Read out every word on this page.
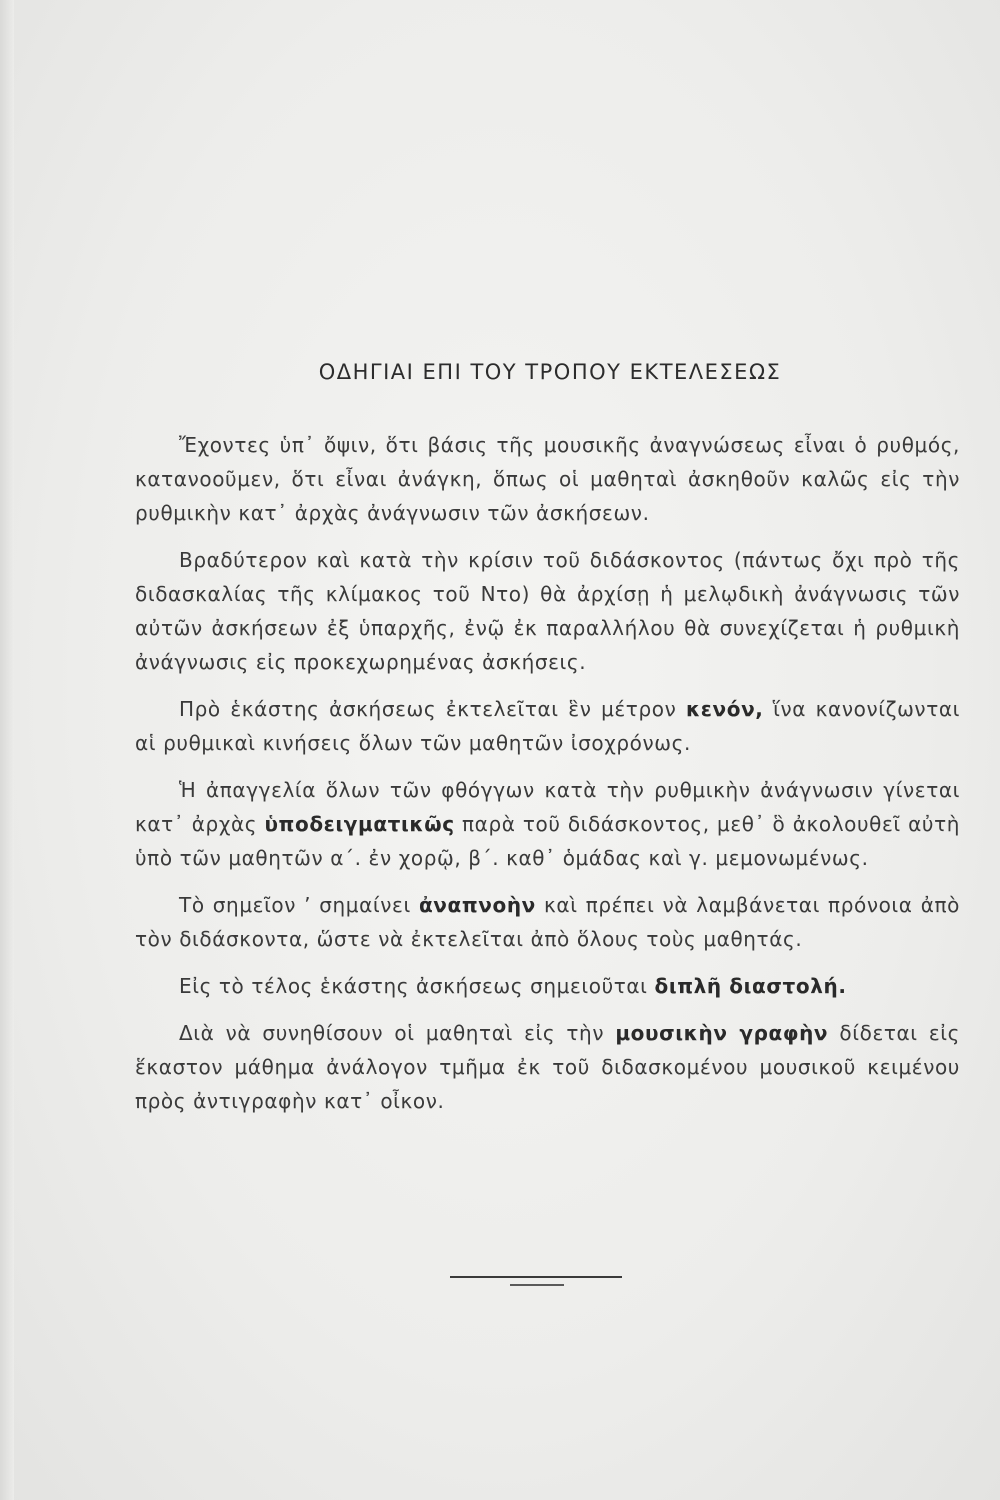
ΟΔΗΓΙΑΙ ΕΠΙ ΤΟΥ ΤΡΟΠΟΥ ΕΚΤΕΛΕΣΕΩΣ

Ἔχοντες ὑπ᾽ ὄψιν, ὅτι βάσις τῆς μουσικῆς ἀναγνώσεως εἶναι ὁ ρυθμός, κατανοοῦμεν, ὅτι εἶναι ἀνάγκη, ὅπως οἱ μαθηταὶ ἀσκηθοῦν καλῶς εἰς τὴν ρυθμικὴν κατ᾽ ἀρχὰς ἀνάγνωσιν τῶν ἀσκήσεων.

Βραδύτερον καὶ κατὰ τὴν κρίσιν τοῦ διδάσκοντος (πάντως ὄχι πρὸ τῆς διδασκαλίας τῆς κλίμακος τοῦ Ντο) θὰ ἀρχίσῃ ἡ μελῳδικὴ ἀνάγνωσις τῶν αὐτῶν ἀσκήσεων ἐξ ὑπαρχῆς, ἐνῷ ἐκ παραλλήλου θὰ συνεχίζεται ἡ ρυθμικὴ ἀνάγνωσις εἰς προκεχωρημένας ἀσκήσεις.

Πρὸ ἑκάστης ἀσκήσεως ἐκτελεῖται ἓν μέτρον κενόν, ἵνα κανονίζωνται αἱ ρυθμικαὶ κινήσεις ὅλων τῶν μαθητῶν ἰσοχρόνως.

Ἡ ἀπαγγελία ὅλων τῶν φθόγγων κατὰ τὴν ρυθμικὴν ἀνάγνωσιν γίνεται κατ᾽ ἀρχὰς ὑποδειγματικῶς παρὰ τοῦ διδάσκοντος, μεθ᾽ ὃ ἀκολουθεῖ αὐτὴ ὑπὸ τῶν μαθητῶν α΄. ἐν χορῷ, β΄. καθ᾽ ὁμάδας καὶ γ. μεμονωμένως.

Τὸ σημεῖον ’ σημαίνει ἀναπνοὴν καὶ πρέπει νὰ λαμβάνεται πρόνοια ἀπὸ τὸν διδάσκοντα, ὥστε νὰ ἐκτελεῖται ἀπὸ ὅλους τοὺς μαθητάς.

Εἰς τὸ τέλος ἑκάστης ἀσκήσεως σημειοῦται διπλῆ διαστολή.

Διὰ νὰ συνηθίσουν οἱ μαθηταὶ εἰς τὴν μουσικὴν γραφὴν δίδεται εἰς ἕκαστον μάθημα ἀνάλογον τμῆμα ἐκ τοῦ διδασκομένου μουσικοῦ κειμένου πρὸς ἀντιγραφὴν κατ᾽ οἶκον.
